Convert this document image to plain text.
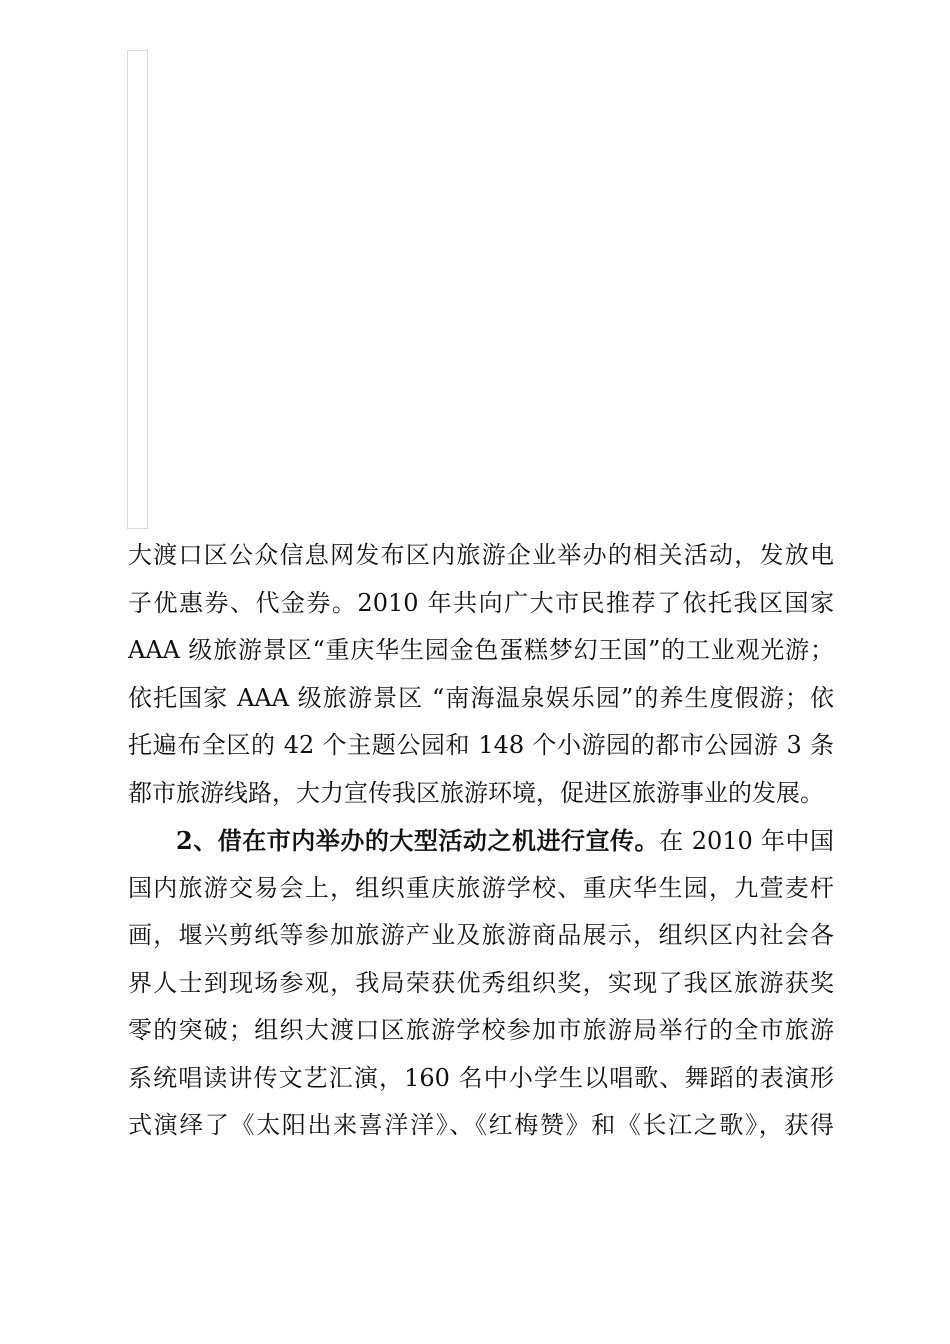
大渡口区公众信息网发布区内旅游企业举办的相关活动，发放电
子优惠券、代金券。2010 年共向广大市民推荐了依托我区国家
AAA 级旅游景区“重庆华生园金色蛋糕梦幻王国”的工业观光游；
依托国家 AAA 级旅游景区 “南海温泉娱乐园”的养生度假游；依
托遍布全区的 42 个主题公园和 148 个小游园的都市公园游 3 条
都市旅游线路，大力宣传我区旅游环境，促进区旅游事业的发展。
2、借在市内举办的大型活动之机进行宣传。在 2010 年中国
国内旅游交易会上，组织重庆旅游学校、重庆华生园，九萱麦杆
画，堰兴剪纸等参加旅游产业及旅游商品展示，组织区内社会各
界人士到现场参观，我局荣获优秀组织奖，实现了我区旅游获奖
零的突破；组织大渡口区旅游学校参加市旅游局举行的全市旅游
系统唱读讲传文艺汇演，160 名中小学生以唱歌、舞蹈的表演形
式演绎了《太阳出来喜洋洋》、《红梅赞》和《长江之歌》，获得
